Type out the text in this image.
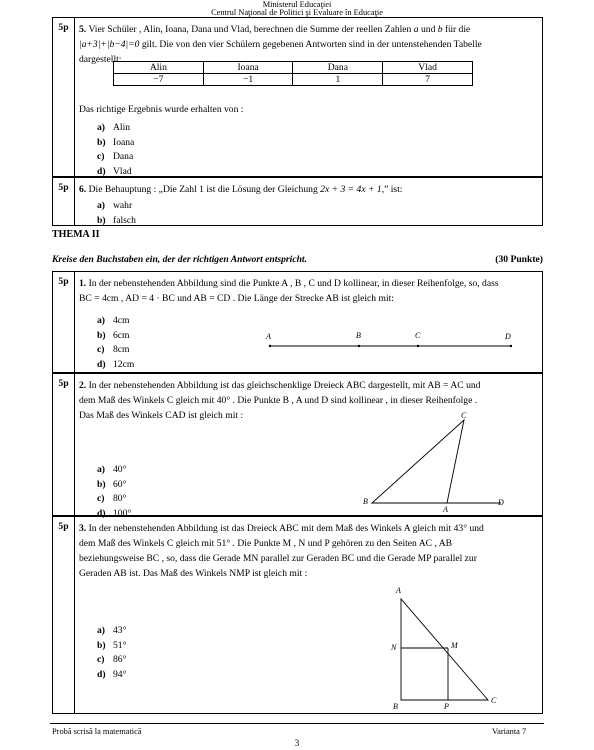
Ministerul Educaţiei
Centrul Naţional de Politici şi Evaluare în Educaţie
5p	5. Vier Schüler , Alin, Ioana, Dana und Vlad, berechnen die Summe der reellen Zahlen a und b für die
|a+3|+|b−4|=0 gilt. Die von den vier Schülern gegebenen Antworten sind in der untenstehenden Tabelle
dargestellt:
Alin	Ioana	Dana	Vlad
−7	−1	1	7
Das richtige Ergebnis wurde erhalten von :
a) Alin
b) Ioana
c) Dana
d) Vlad
5p	6. Die Behauptung : „Die Zahl 1 ist die Lösung der Gleichung 2x + 3 = 4x + 1,” ist:
a) wahr
b) falsch
THEMA II
Kreise den Buchstaben ein, der der richtigen Antwort entspricht.	(30 Punkte)
5p	1. In der nebenstehenden Abbildung sind die Punkte A , B , C und D kollinear, in dieser Reihenfolge, so, dass
BC = 4cm , AD = 4 · BC und AB = CD . Die Länge der Strecke AB ist gleich mit:
a) 4cm
b) 6cm
c) 8cm
d) 12cm
A	B	C	D
5p	2. In der nebenstehenden Abbildung ist das gleichschenklige Dreieck ABC dargestellt, mit AB = AC und
dem Maß des Winkels C gleich mit 40° . Die Punkte B , A und D sind kollinear , in dieser Reihenfolge .
Das Maß des Winkels CAD ist gleich mit :
a) 40°
b) 60°
c) 80°
d) 100°
C
B
A
D
5p	3. In der nebenstehenden Abbildung ist das Dreieck ABC mit dem Maß des Winkels A gleich mit 43° und
dem Maß des Winkels C gleich mit 51° . Die Punkte M , N und P gehören zu den Seiten AC , AB
beziehungsweise BC , so, dass die Gerade MN parallel zur Geraden BC und die Gerade MP parallel zur
Geraden AB ist. Das Maß des Winkels NMP ist gleich mit :
a) 43°
b) 51°
c) 86°
d) 94°
A
N	M
B	P
C
Probă scrisă la matematică	Varianta 7
3
